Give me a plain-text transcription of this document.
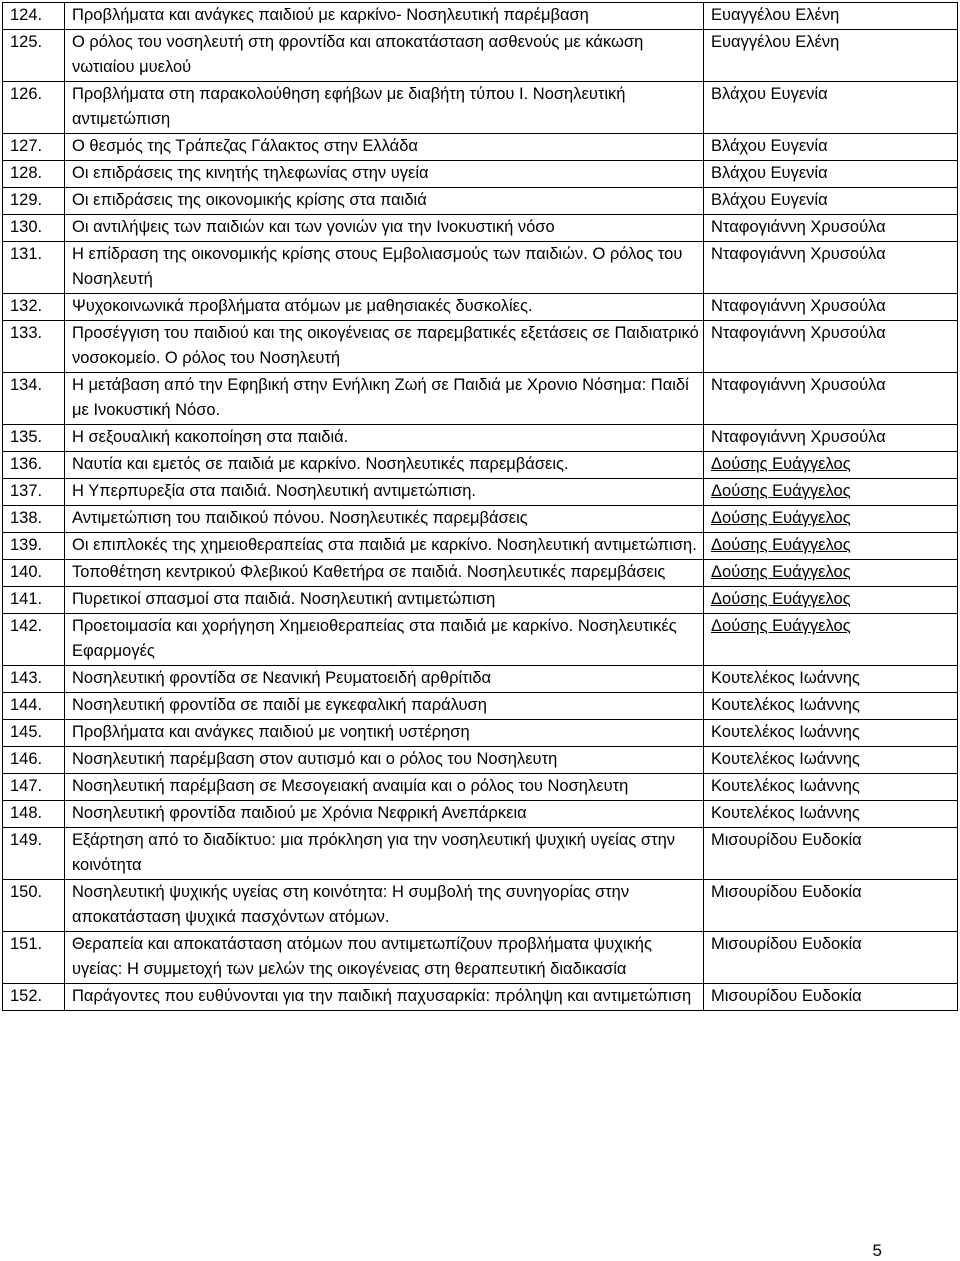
124.	Προβλήματα και ανάγκες παιδιού με καρκίνο- Νοσηλευτική παρέμβαση	Ευαγγέλου Ελένη
125.	Ο ρόλος του νοσηλευτή στη φροντίδα και αποκατάσταση ασθενούς με κάκωση νωτιαίου μυελού	Ευαγγέλου Ελένη
126.	Προβλήματα στη παρακολούθηση εφήβων με διαβήτη τύπου Ι. Νοσηλευτική αντιμετώπιση	Βλάχου Ευγενία
127.	Ο θεσμός της Τράπεζας Γάλακτος στην Ελλάδα	Βλάχου Ευγενία
128.	Οι επιδράσεις της κινητής τηλεφωνίας στην υγεία	Βλάχου Ευγενία
129.	Οι επιδράσεις της οικονομικής κρίσης στα παιδιά	Βλάχου Ευγενία
130.	Οι αντιλήψεις των παιδιών και των γονιών για την Ινοκυστική νόσο	Νταφογιάννη Χρυσούλα
131.	Η επίδραση της οικονομικής κρίσης στους Εμβολιασμούς των παιδιών. Ο ρόλος του Νοσηλευτή	Νταφογιάννη Χρυσούλα
132.	Ψυχοκοινωνικά προβλήματα ατόμων με μαθησιακές δυσκολίες.	Νταφογιάννη Χρυσούλα
133.	Προσέγγιση του παιδιού και της οικογένειας σε παρεμβατικές εξετάσεις σε Παιδιατρικό νοσοκομείο. Ο ρόλος του Νοσηλευτή	Νταφογιάννη Χρυσούλα
134.	Η μετάβαση από την Εφηβική στην Ενήλικη Ζωή σε Παιδιά με Χρονιο Νόσημα: Παιδί με Ινοκυστική Νόσο.	Νταφογιάννη Χρυσούλα
135.	Η σεξουαλική κακοποίηση στα παιδιά.	Νταφογιάννη Χρυσούλα
136.	Ναυτία και εμετός σε παιδιά με καρκίνο. Νοσηλευτικές παρεμβάσεις.	Δούσης Ευάγγελος
137.	Η Υπερπυρεξία στα παιδιά. Νοσηλευτική αντιμετώπιση.	Δούσης Ευάγγελος
138.	Αντιμετώπιση του παιδικού πόνου. Νοσηλευτικές παρεμβάσεις	Δούσης Ευάγγελος
139.	Οι επιπλοκές της χημειοθεραπείας στα παιδιά με καρκίνο. Νοσηλευτική αντιμετώπιση.	Δούσης Ευάγγελος
140.	Τοποθέτηση κεντρικού Φλεβικού Καθετήρα σε παιδιά. Νοσηλευτικές παρεμβάσεις	Δούσης Ευάγγελος
141.	Πυρετικοί σπασμοί στα παιδιά. Νοσηλευτική αντιμετώπιση	Δούσης Ευάγγελος
142.	Προετοιμασία και χορήγηση Χημειοθεραπείας στα παιδιά με καρκίνο. Νοσηλευτικές Εφαρμογές	Δούσης Ευάγγελος
143.	Νοσηλευτική φροντίδα σε Νεανική Ρευματοειδή αρθρίτιδα	Κουτελέκος Ιωάννης
144.	Νοσηλευτική φροντίδα σε παιδί με εγκεφαλική παράλυση	Κουτελέκος Ιωάννης
145.	Προβλήματα και ανάγκες παιδιού με νοητική υστέρηση	Κουτελέκος Ιωάννης
146.	Νοσηλευτική παρέμβαση στον αυτισμό και ο ρόλος του Νοσηλευτη	Κουτελέκος Ιωάννης
147.	Νοσηλευτική παρέμβαση σε Μεσογειακή αναιμία και ο ρόλος του Νοσηλευτη	Κουτελέκος Ιωάννης
148.	Νοσηλευτική φροντίδα παιδιού με Χρόνια Νεφρική Ανεπάρκεια	Κουτελέκος Ιωάννης
149.	Εξάρτηση από το διαδίκτυο: μια πρόκληση για την νοσηλευτική ψυχική υγείας στην κοινότητα	Μισουρίδου Ευδοκία
150.	Νοσηλευτική ψυχικής υγείας στη κοινότητα: Η συμβολή της συνηγορίας στην αποκατάσταση ψυχικά πασχόντων ατόμων.	Μισουρίδου Ευδοκία
151.	Θεραπεία και αποκατάσταση ατόμων που αντιμετωπίζουν προβλήματα ψυχικής υγείας: Η συμμετοχή των μελών της οικογένειας στη θεραπευτική διαδικασία	Μισουρίδου Ευδοκία
152.	Παράγοντες που ευθύνονται για την παιδική παχυσαρκία: πρόληψη και αντιμετώπιση	Μισουρίδου Ευδοκία
5
